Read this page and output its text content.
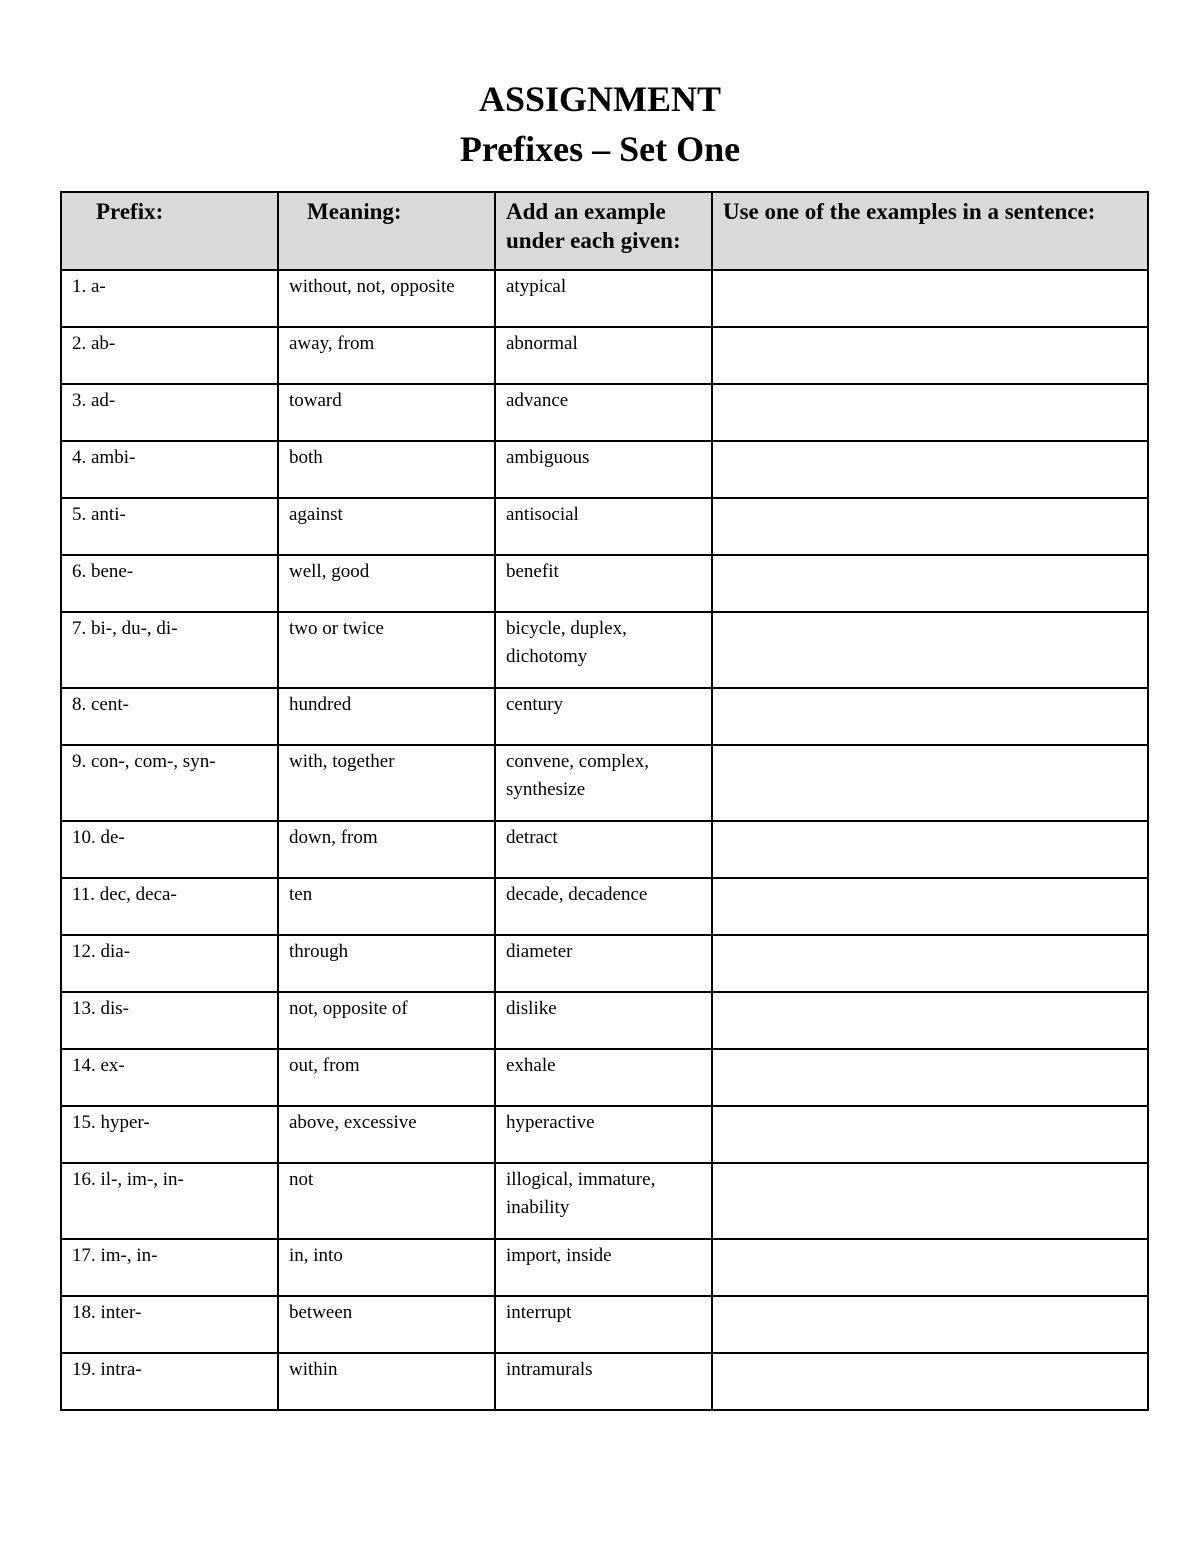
ASSIGNMENT
Prefixes – Set One
Prefix:	Meaning:	Add an example under each given:	Use one of the examples in a sentence:
1. a-	without, not, opposite	atypical	
2. ab-	away, from	abnormal	
3. ad-	toward	advance	
4. ambi-	both	ambiguous	
5. anti-	against	antisocial	
6. bene-	well, good	benefit	
7. bi-, du-, di-	two or twice	bicycle, duplex, dichotomy	
8. cent-	hundred	century	
9. con-, com-, syn-	with, together	convene, complex, synthesize	
10. de-	down, from	detract	
11. dec, deca-	ten	decade, decadence	
12. dia-	through	diameter	
13. dis-	not, opposite of	dislike	
14. ex-	out, from	exhale	
15. hyper-	above, excessive	hyperactive	
16. il-, im-, in-	not	illogical, immature, inability	
17. im-, in-	in, into	import, inside	
18. inter-	between	interrupt	
19. intra-	within	intramurals	
